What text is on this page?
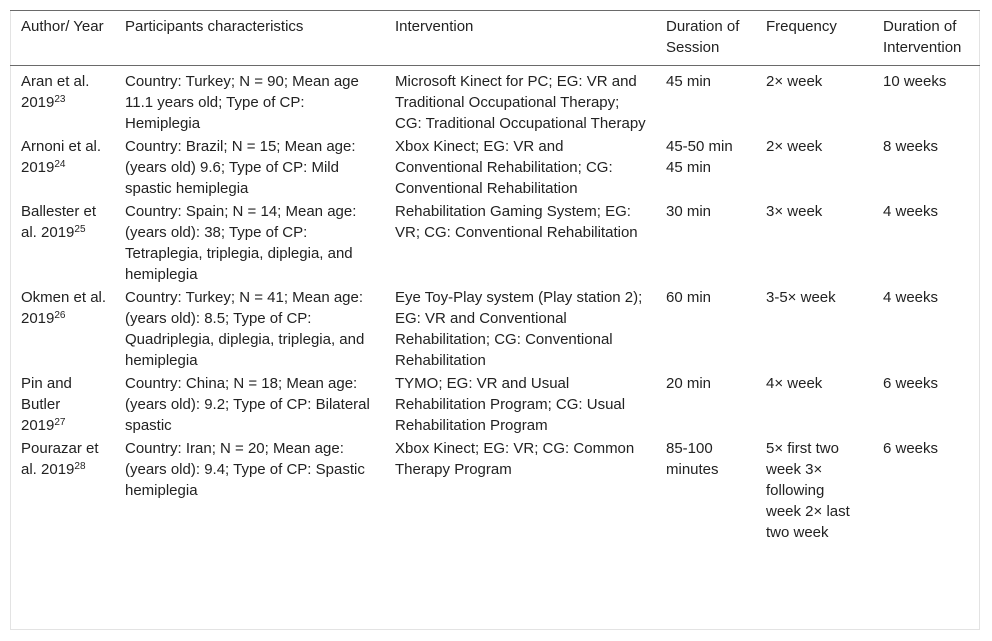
Author/ Year	Participants characteristics	Intervention	Duration of Session	Frequency	Duration of Intervention
Aran et al. 2019$^{23}$	Country: Turkey; N = 90; Mean age 11.1 years old; Type of CP: Hemiplegia	Microsoft Kinect for PC; EG: VR and Traditional Occupational Therapy; CG: Traditional Occupational Therapy	45 min	2× week	10 weeks
Arnoni et al. 2019$^{24}$	Country: Brazil; N = 15; Mean age:(years old) 9.6; Type of CP: Mild spastic hemiplegia	Xbox Kinect; EG: VR and Conventional Rehabilitation; CG: Conventional Rehabilitation	45-50 min 45 min	2× week	8 weeks
Ballester et al. 2019$^{25}$	Country: Spain; N = 14; Mean age:(years old): 38; Type of CP: Tetraplegia, triplegia, diplegia, and hemiplegia	Rehabilitation Gaming System; EG: VR; CG: Conventional Rehabilitation	30 min	3× week	4 weeks
Okmen et al. 2019$^{26}$	Country: Turkey; N = 41; Mean age:(years old): 8.5; Type of CP: Quadriplegia, diplegia, triplegia, and hemiplegia	Eye Toy-Play system (Play station 2); EG: VR and Conventional Rehabilitation; CG: Conventional Rehabilitation	60 min	3-5× week	4 weeks
Pin and Butler 2019$^{27}$	Country: China; N = 18; Mean age:(years old): 9.2; Type of CP: Bilateral spastic	TYMO; EG: VR and Usual Rehabilitation Program; CG: Usual Rehabilitation Program	20 min	4× week	6 weeks
Pourazar et al. 2019$^{28}$	Country: Iran; N = 20; Mean age:(years old): 9.4; Type of CP: Spastic hemiplegia	Xbox Kinect; EG: VR; CG: Common Therapy Program	85-100 minutes	5× first two week 3× following week 2× last two week	6 weeks
